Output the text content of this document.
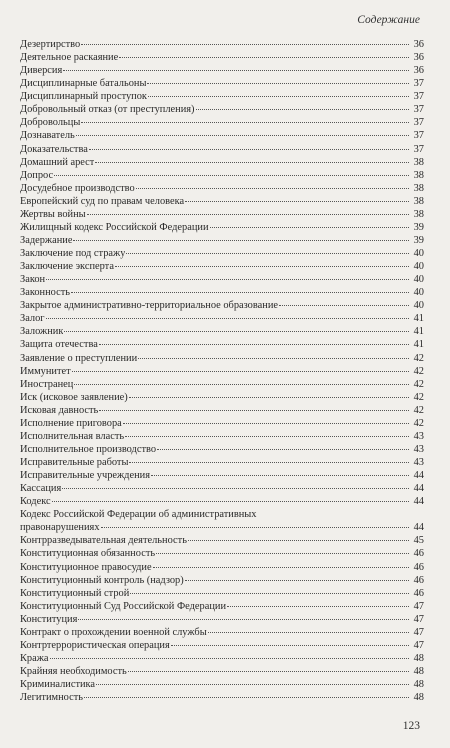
Содержание
Дезертирство	36
Деятельное раскаяние	36
Диверсия	36
Дисциплинарные батальоны	37
Дисциплинарный проступок	37
Добровольный отказ (от преступления)	37
Добровольцы	37
Дознаватель	37
Доказательства	37
Домашний арест	38
Допрос	38
Досудебное производство	38
Европейский суд по правам человека	38
Жертвы войны	38
Жилищный кодекс Российской Федерации	39
Задержание	39
Заключение под стражу	40
Заключение эксперта	40
Закон	40
Законность	40
Закрытое административно-территориальное образование	40
Залог	41
Заложник	41
Защита отечества	41
Заявление о преступлении	42
Иммунитет	42
Иностранец	42
Иск (исковое заявление)	42
Исковая давность	42
Исполнение приговора	42
Исполнительная власть	43
Исполнительное производство	43
Исправительные работы	43
Исправительные учреждения	44
Кассация	44
Кодекс	44
Кодекс Российской Федерации об административных
правонарушениях	44
Контрразведывательная деятельность	45
Конституционная обязанность	46
Конституционное правосудие	46
Конституционный контроль (надзор)	46
Конституционный строй	46
Конституционный Суд Российской Федерации	47
Конституция	47
Контракт о прохождении военной службы	47
Контртеррористическая операция	47
Кража	48
Крайняя необходимость	48
Криминалистика	48
Легитимность	48
123
